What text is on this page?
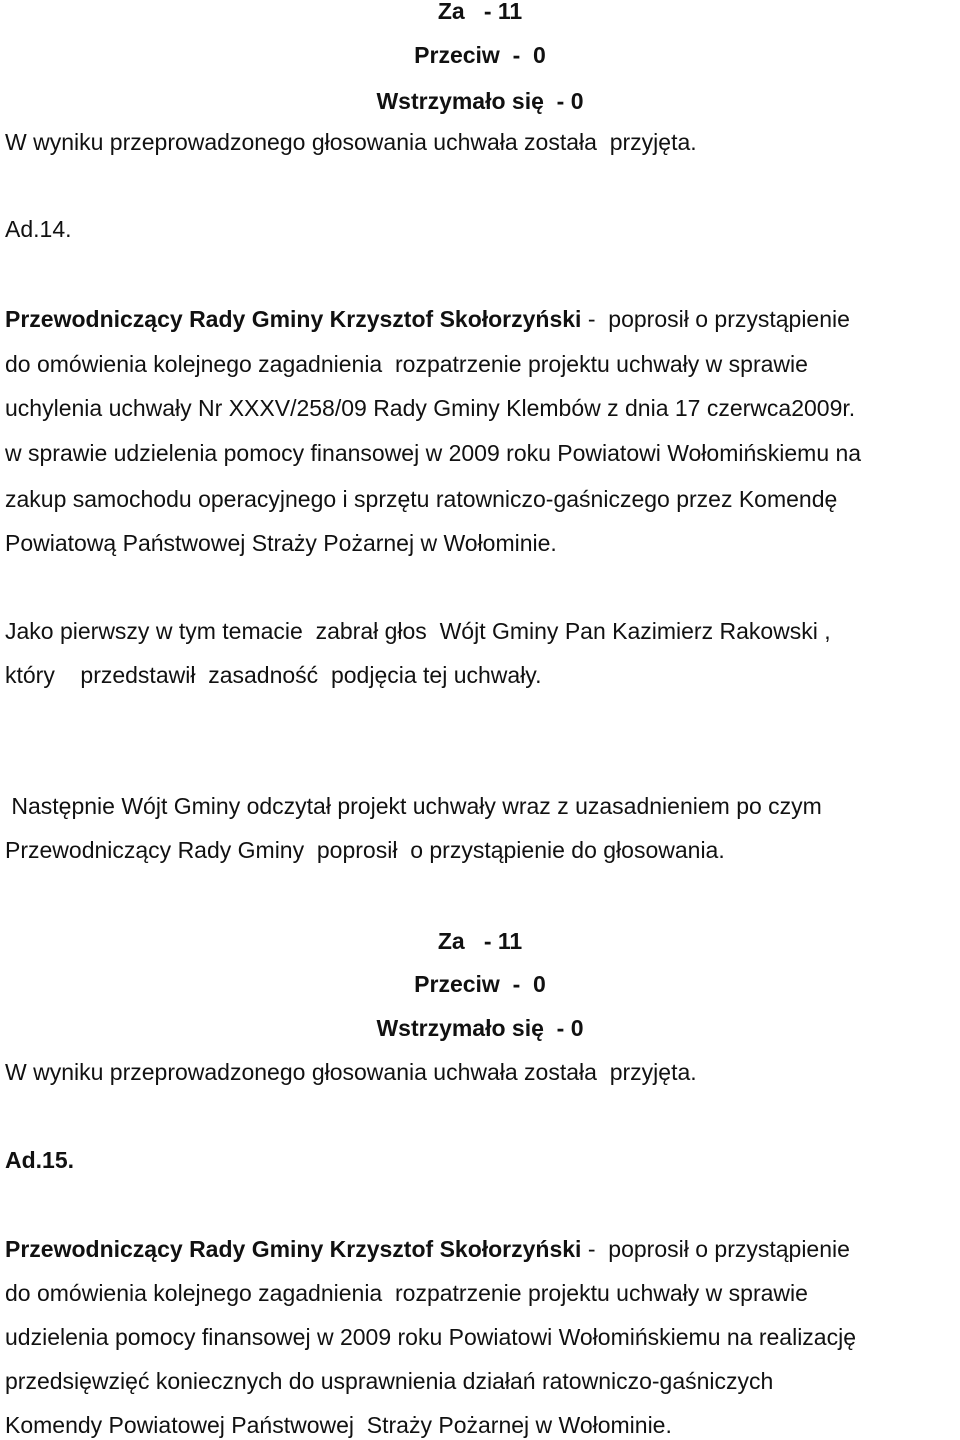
Za   - 11
Przeciw  -  0
Wstrzymało się  - 0
W wyniku przeprowadzonego głosowania uchwała została  przyjęta.
Ad.14.
Przewodniczący Rady Gminy Krzysztof Skołorzyński -  poprosił o przystąpienie
do omówienia kolejnego zagadnienia  rozpatrzenie projektu uchwały w sprawie
uchylenia uchwały Nr XXXV/258/09 Rady Gminy Klembów z dnia 17 czerwca2009r.
w sprawie udzielenia pomocy finansowej w 2009 roku Powiatowi Wołomińskiemu na
zakup samochodu operacyjnego i sprzętu ratowniczo-gaśniczego przez Komendę
Powiatową Państwowej Straży Pożarnej w Wołominie.
Jako pierwszy w tym temacie  zabrał głos  Wójt Gminy Pan Kazimierz Rakowski ,
który    przedstawił  zasadność  podjęcia tej uchwały.
Następnie Wójt Gminy odczytał projekt uchwały wraz z uzasadnieniem po czym
Przewodniczący Rady Gminy  poprosił  o przystąpienie do głosowania.
Za   - 11
Przeciw  -  0
Wstrzymało się  - 0
W wyniku przeprowadzonego głosowania uchwała została  przyjęta.
Ad.15.
Przewodniczący Rady Gminy Krzysztof Skołorzyński -  poprosił o przystąpienie
do omówienia kolejnego zagadnienia  rozpatrzenie projektu uchwały w sprawie
udzielenia pomocy finansowej w 2009 roku Powiatowi Wołomińskiemu na realizację
przedsięwzięć koniecznych do usprawnienia działań ratowniczo-gaśniczych
Komendy Powiatowej Państwowej  Straży Pożarnej w Wołominie.
